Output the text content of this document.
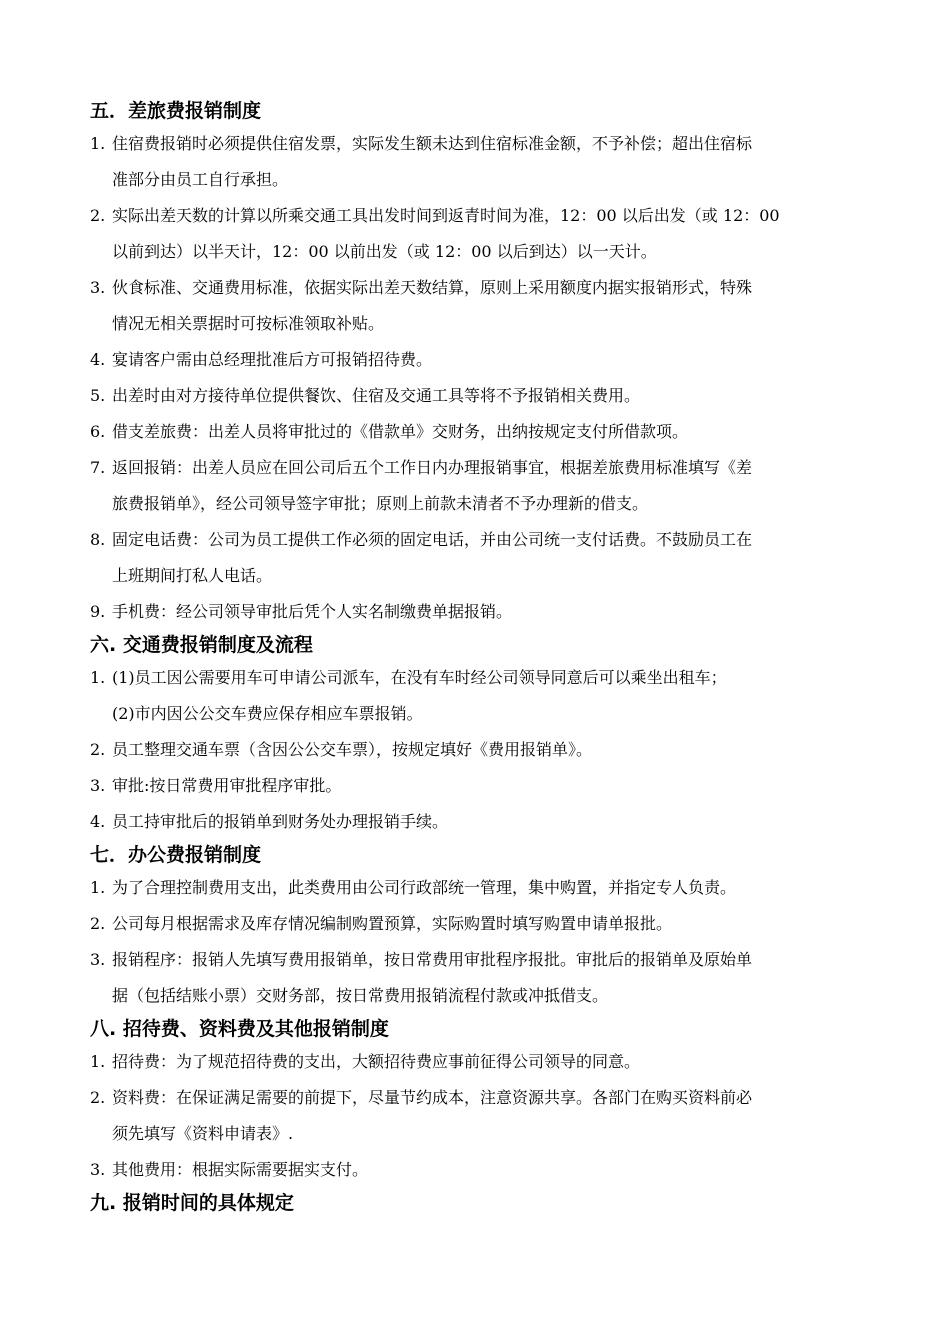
五．差旅费报销制度
1. 住宿费报销时必须提供住宿发票，实际发生额未达到住宿标准金额，不予补偿；超出住宿标
准部分由员工自行承担。
2. 实际出差天数的计算以所乘交通工具出发时间到返青时间为准，12：00 以后出发（或 12：00
以前到达）以半天计，12：00 以前出发（或 12：00 以后到达）以一天计。
3. 伙食标准、交通费用标准，依据实际出差天数结算，原则上采用额度内据实报销形式，特殊
情况无相关票据时可按标准领取补贴。
4. 宴请客户需由总经理批准后方可报销招待费。
5. 出差时由对方接待单位提供餐饮、住宿及交通工具等将不予报销相关费用。
6. 借支差旅费：出差人员将审批过的《借款单》交财务，出纳按规定支付所借款项。
7. 返回报销：出差人员应在回公司后五个工作日内办理报销事宜，根据差旅费用标准填写《差
旅费报销单》，经公司领导签字审批；原则上前款未清者不予办理新的借支。
8. 固定电话费：公司为员工提供工作必须的固定电话，并由公司统一支付话费。不鼓励员工在
上班期间打私人电话。
9. 手机费：经公司领导审批后凭个人实名制缴费单据报销。
六. 交通费报销制度及流程
1. (1)员工因公需要用车可申请公司派车，在没有车时经公司领导同意后可以乘坐出租车；
(2)市内因公公交车费应保存相应车票报销。
2. 员工整理交通车票（含因公公交车票），按规定填好《费用报销单》。
3. 审批:按日常费用审批程序审批。
4. 员工持审批后的报销单到财务处办理报销手续。
七．办公费报销制度
1. 为了合理控制费用支出，此类费用由公司行政部统一管理，集中购置，并指定专人负责。
2. 公司每月根据需求及库存情况编制购置预算，实际购置时填写购置申请单报批。
3. 报销程序：报销人先填写费用报销单，按日常费用审批程序报批。审批后的报销单及原始单
据（包括结账小票）交财务部，按日常费用报销流程付款或冲抵借支。
八. 招待费、资料费及其他报销制度
1. 招待费：为了规范招待费的支出，大额招待费应事前征得公司领导的同意。
2. 资料费：在保证满足需要的前提下，尽量节约成本，注意资源共享。各部门在购买资料前必
须先填写《资料申请表》.
3. 其他费用：根据实际需要据实支付。
九. 报销时间的具体规定
